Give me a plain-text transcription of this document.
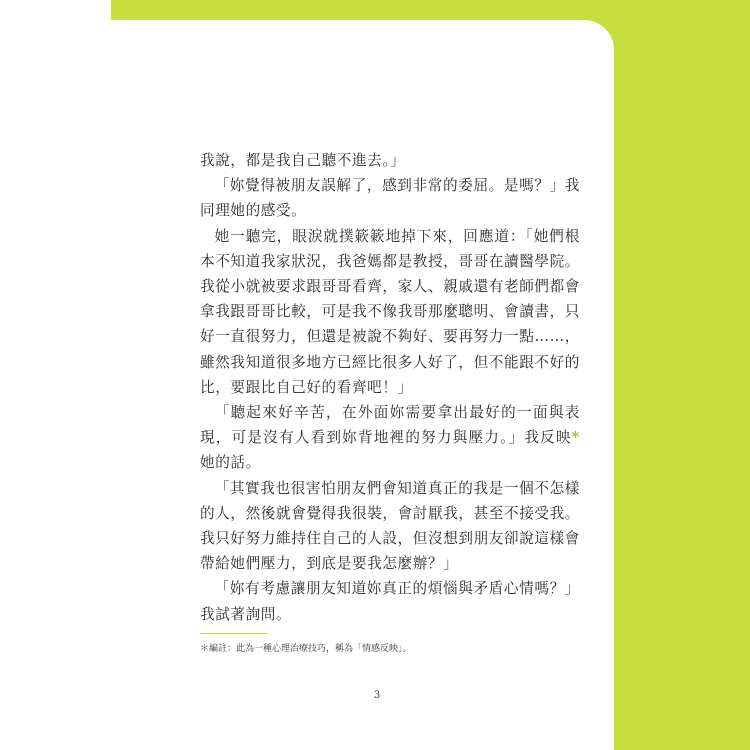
我說，都是我自己聽不進去。」

「妳覺得被朋友誤解了，感到非常的委屈。是嗎？」我同理她的感受。

她一聽完，眼淚就撲簌簌地掉下來，回應道：「她們根本不知道我家狀況，我爸媽都是教授，哥哥在讀醫學院。我從小就被要求跟哥哥看齊，家人、親戚還有老師們都會拿我跟哥哥比較，可是我不像我哥那麼聰明、會讀書，只好一直很努力，但還是被說不夠好、要再努力一點……，雖然我知道很多地方已經比很多人好了，但不能跟不好的比，要跟比自己好的看齊吧！」

「聽起來好辛苦，在外面妳需要拿出最好的一面與表現，可是沒有人看到妳背地裡的努力與壓力。」我反映*她的話。

「其實我也很害怕朋友們會知道真正的我是一個不怎樣的人，然後就會覺得我很裝，會討厭我，甚至不接受我。我只好努力維持住自己的人設，但沒想到朋友卻說這樣會帶給她們壓力，到底是要我怎麼辦？」

「妳有考慮讓朋友知道妳真正的煩惱與矛盾心情嗎？」我試著詢問。

＊編註：此為一種心理治療技巧，稱為「情感反映」。
3
